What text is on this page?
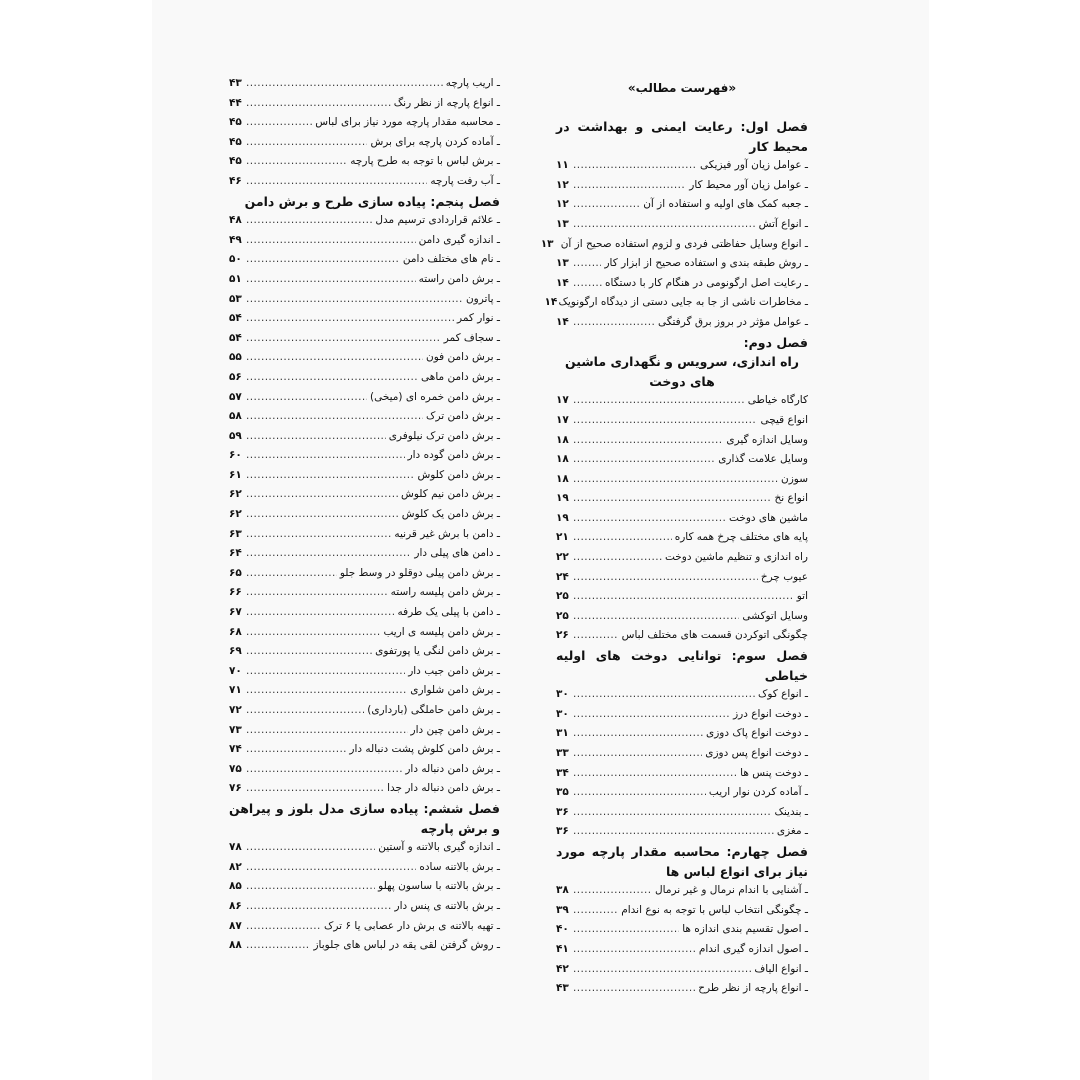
«فهرست مطالب»
فصل اول: رعایت ایمنی و بهداشت در محیط کار
ـ عوامل زیان آور فیزیکی
.....
۱۱
ـ عوامل زیان آور محیط کار
.....
۱۲
ـ جعبه کمک های اولیه و استفاده از آن
.....
۱۲
ـ انواع آتش
.....
۱۳
ـ انواع وسایل حفاظتی فردی و لزوم استفاده صحیح از آن
۱۳
ـ روش طبقه بندی و استفاده صحیح از ابزار کار
.....
۱۳
ـ رعایت اصل ارگونومی در هنگام کار با دستگاه
.....
۱۴
ـ مخاطرات ناشی از جا به جایی دستی از دیدگاه ارگونویک
۱۴
ـ عوامل مؤثر در بروز برق گرفتگی
.....
۱۴
فصل دوم:
راه اندازی، سرویس و نگهداری ماشین های دوخت
کارگاه خیاطی
.....
۱۷
انواع قیچی
.....
۱۷
وسایل اندازه گیری
.....
۱۸
وسایل علامت گذاری
.....
۱۸
سوزن
.....
۱۸
انواع نخ
.....
۱۹
ماشین های دوخت
.....
۱۹
پایه های مختلف چرخ همه کاره
.....
۲۱
راه اندازی و تنظیم ماشین دوخت
.....
۲۲
عیوب چرخ
.....
۲۴
اتو
.....
۲۵
وسایل اتوکشی
.....
۲۵
چگونگی اتوکردن قسمت های مختلف لباس
.....
۲۶
فصل سوم: توانایی دوخت های اولیه خیاطی
ـ انواع کوک
.....
۳۰
ـ دوخت انواع درز
.....
۳۰
ـ دوخت انواع پاک دوزی
.....
۳۱
ـ دوخت انواع پس دوزی
.....
۳۳
ـ دوخت پنس ها
.....
۳۴
ـ آماده کردن نوار اریب
.....
۳۵
ـ بندینک
.....
۳۶
ـ مغزی
.....
۳۶
فصل چهارم: محاسبه مقدار پارچه مورد نیاز برای انواع لباس ها
ـ آشنایی با اندام نرمال و غیر نرمال
.....
۳۸
ـ چگونگی انتخاب لباس با توجه به نوع اندام
.....
۳۹
ـ اصول تقسیم بندی اندازه ها
.....
۴۰
ـ اصول اندازه گیری اندام
.....
۴۱
ـ انواع الیاف
.....
۴۲
ـ انواع پارچه از نظر طرح
.....
۴۳
ـ اریب پارچه
.....
۴۳
ـ انواع پارچه از نظر رنگ
.....
۴۴
ـ محاسبه مقدار پارچه مورد نیاز برای لباس
.....
۴۵
ـ آماده کردن پارچه برای برش
.....
۴۵
ـ برش لباس با توجه به طرح پارچه
.....
۴۵
ـ آب رفت پارچه
.....
۴۶
فصل پنجم: پیاده سازی طرح و برش دامن
ـ علائم قراردادی ترسیم مدل
.....
۴۸
ـ اندازه گیری دامن
.....
۴۹
ـ نام های مختلف دامن
.....
۵۰
ـ برش دامن راسته
.....
۵۱
ـ پاترون
.....
۵۳
ـ نوار کمر
.....
۵۴
ـ سجاف کمر
.....
۵۴
ـ برش دامن فون
.....
۵۵
ـ برش دامن ماهی
.....
۵۶
ـ برش دامن خمره ای (میخی)
.....
۵۷
ـ برش دامن ترک
.....
۵۸
ـ برش دامن ترک نیلوفری
.....
۵۹
ـ برش دامن گوده دار
.....
۶۰
ـ برش دامن کلوش
.....
۶۱
ـ برش دامن نیم کلوش
.....
۶۲
ـ برش دامن یک کلوش
.....
۶۲
ـ دامن با برش غیر قرنیه
.....
۶۳
ـ دامن های پیلی دار
.....
۶۴
ـ برش دامن پیلی دوقلو در وسط جلو
.....
۶۵
ـ برش دامن پلیسه راسته
.....
۶۶
ـ دامن با پیلی یک طرفه
.....
۶۷
ـ برش دامن پلیسه ی اریب
.....
۶۸
ـ برش دامن لنگی یا پورتفوی
.....
۶۹
ـ برش دامن جیب دار
.....
۷۰
ـ برش دامن شلواری
.....
۷۱
ـ برش دامن حاملگی (بارداری)
.....
۷۲
ـ برش دامن چین دار
.....
۷۳
ـ برش دامن کلوش پشت دنباله دار
.....
۷۴
ـ برش دامن دنباله دار
.....
۷۵
ـ برش دامن دنباله دار جدا
.....
۷۶
فصل ششم: پیاده سازی مدل بلوز و پیراهن و برش پارچه
ـ اندازه گیری بالاتنه و آستین
.....
۷۸
ـ برش بالاتنه ساده
.....
۸۲
ـ برش بالاتنه با ساسون پهلو
.....
۸۵
ـ برش بالاتنه ی پنس دار
.....
۸۶
ـ تهیه بالاتنه ی برش دار عصابی یا ۶ ترک
.....
۸۷
ـ روش گرفتن لقی یقه در لباس های جلوباز
.....
۸۸
